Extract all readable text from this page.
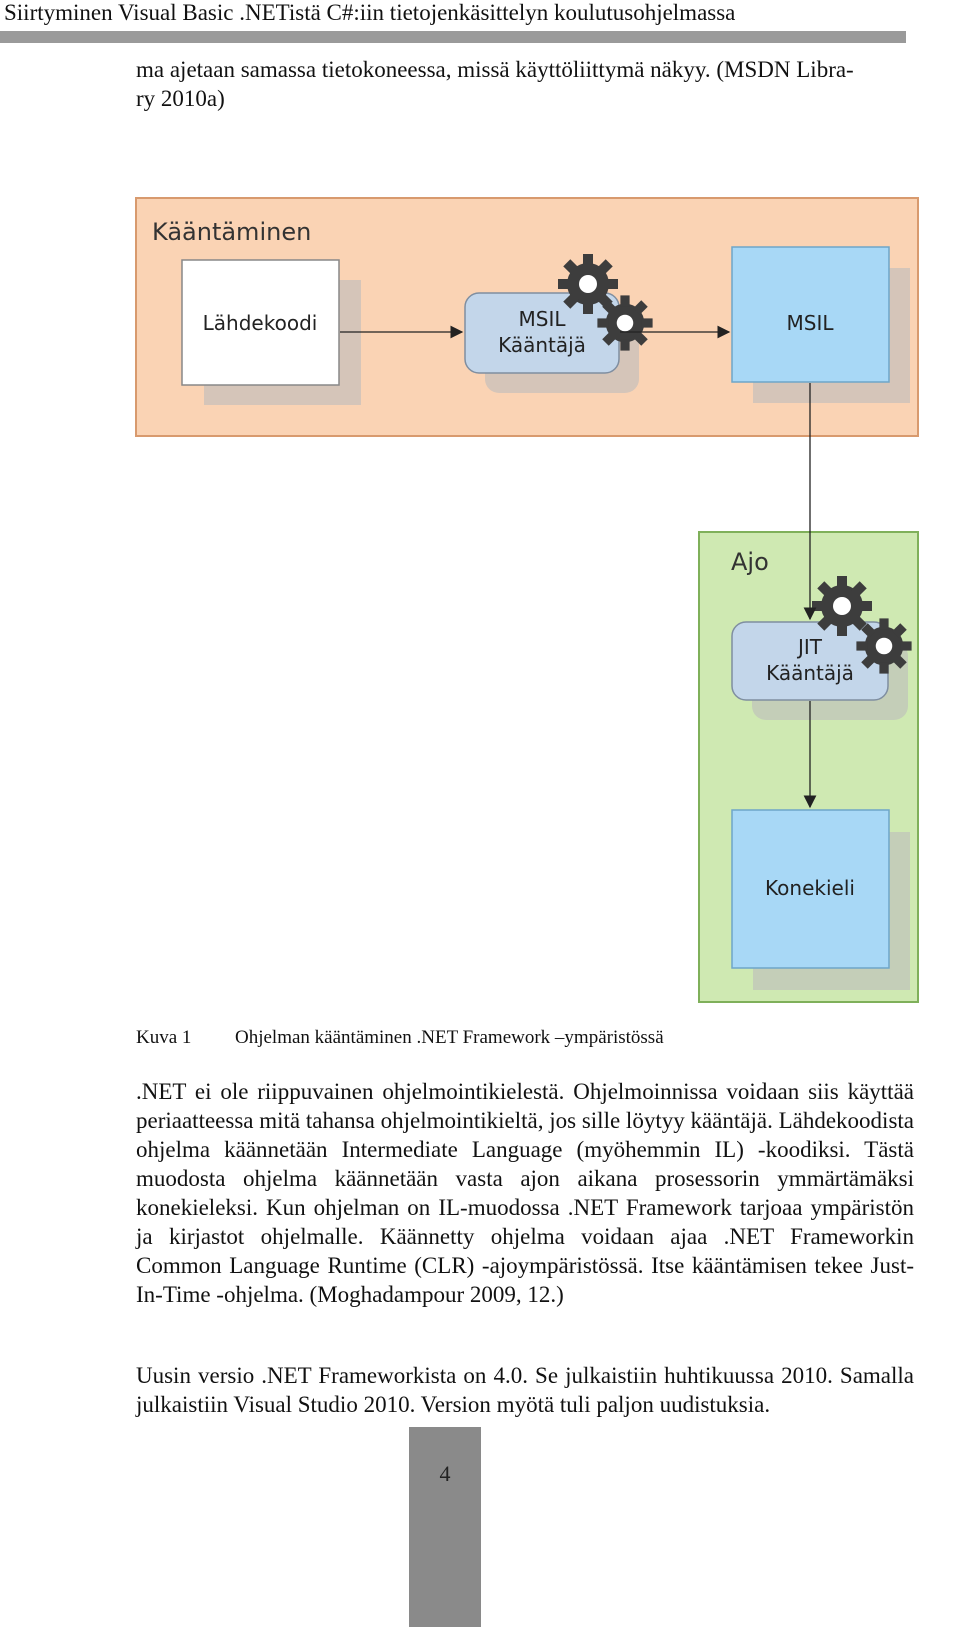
Siirtyminen Visual Basic .NETistä C#:iin tietojenkäsittelyn koulutusohjelmassa

ma ajetaan samassa tietokoneessa, missä käyttöliittymä näkyy. (MSDN Libra-

ry 2010a)

Kääntäminen
Lähdekoodi	MSIL
Kääntäjä
MSIL
Ajo
JIT
Kääntäjä
Konekieli
Kuva 1 Ohjelman kääntäminen .NET Framework –ympäristössä

.NET ei ole riippuvainen ohjelmointikielestä. Ohjelmoinnissa voidaan siis käyttää periaatteessa mitä tahansa ohjelmointikieltä, jos sille löytyy kääntäjä. Lähdekoodista ohjelma käännetään Intermediate Language (myöhemmin IL) -koodiksi. Tästä muodosta ohjelma käännetään vasta ajon aikana prosessorin ymmärtämäksi konekieleksi. Kun ohjelman on IL-muodossa .NET Framework tarjoaa ympäristön ja kirjastot ohjelmalle. Käännetty ohjelma voidaan ajaa .NET Frameworkin Common Language Runtime (CLR) -ajoympäristössä. Itse kääntämisen tekee Just-In-Time -ohjelma. (Moghadampour 2009, 12.)

Uusin versio .NET Frameworkista on 4.0. Se julkaistiin huhtikuussa 2010. Samalla julkaistiin Visual Studio 2010. Version myötä tuli paljon uudistuksia.

4
